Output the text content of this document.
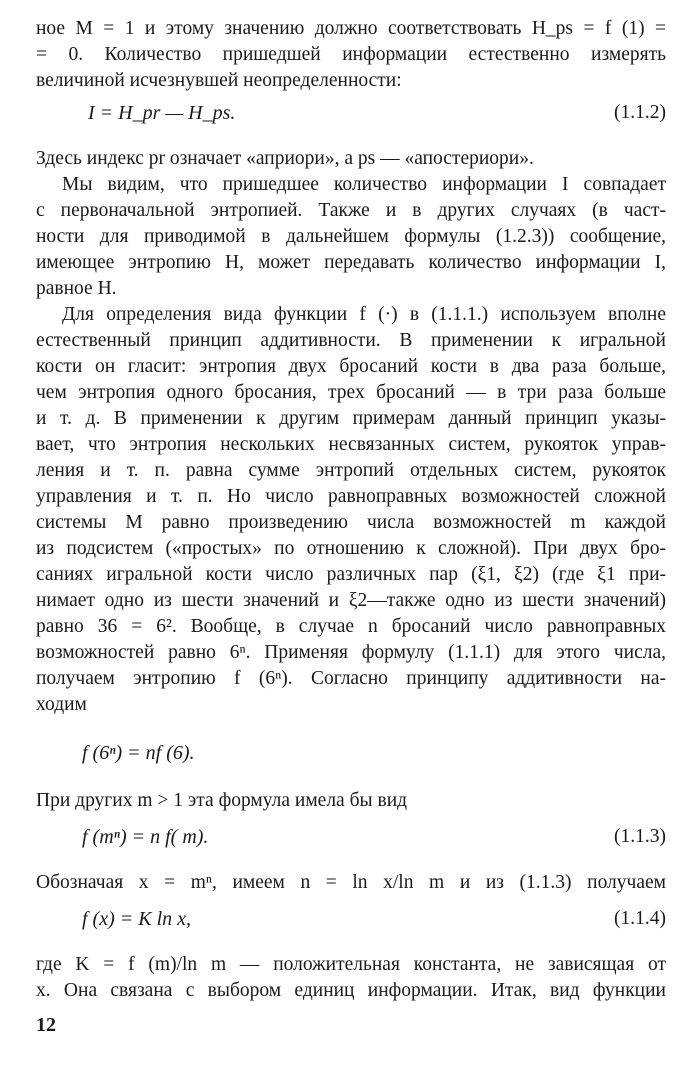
ное M = 1 и этому значению должно соответствовать H_ps = f (1) =
= 0. Количество пришедшей информации естественно измерять
величиной исчезнувшей неопределенности:
I = H_pr — H_ps.	(1.1.2)
Здесь индекс pr означает «априори», а ps — «апостериори».
Мы видим, что пришедшее количество информации I совпадает
с первоначальной энтропией. Также и в других случаях (в част-
ности для приводимой в дальнейшем формулы (1.2.3)) сообщение,
имеющее энтропию H, может передавать количество информации I,
равное H.
Для определения вида функции f (·) в (1.1.1.) используем вполне
естественный принцип аддитивности. В применении к игральной
кости он гласит: энтропия двух бросаний кости в два раза больше,
чем энтропия одного бросания, трех бросаний — в три раза больше
и т. д. В применении к другим примерам данный принцип указы-
вает, что энтропия нескольких несвязанных систем, рукояток управ-
ления и т. п. равна сумме энтропий отдельных систем, рукояток
управления и т. п. Но число равноправных возможностей сложной
системы M равно произведению числа возможностей m каждой
из подсистем («простых» по отношению к сложной). При двух бро-
саниях игральной кости число различных пар (ξ1, ξ2) (где ξ1 при-
нимает одно из шести значений и ξ2—также одно из шести значений)
равно 36 = 6². Вообще, в случае n бросаний число равноправных
возможностей равно 6ⁿ. Применяя формулу (1.1.1) для этого числа,
получаем энтропию f (6ⁿ). Согласно принципу аддитивности на-
ходим
f (6ⁿ) = nf (6).
При других m > 1 эта формула имела бы вид
f (mⁿ) = n f( m).	(1.1.3)
Обозначая x = mⁿ, имеем n = ln x/ln m и из (1.1.3) получаем
f (x) = K ln x,	(1.1.4)
где K = f (m)/ln m — положительная константа, не зависящая от
x. Она связана с выбором единиц информации. Итак, вид функции
12
